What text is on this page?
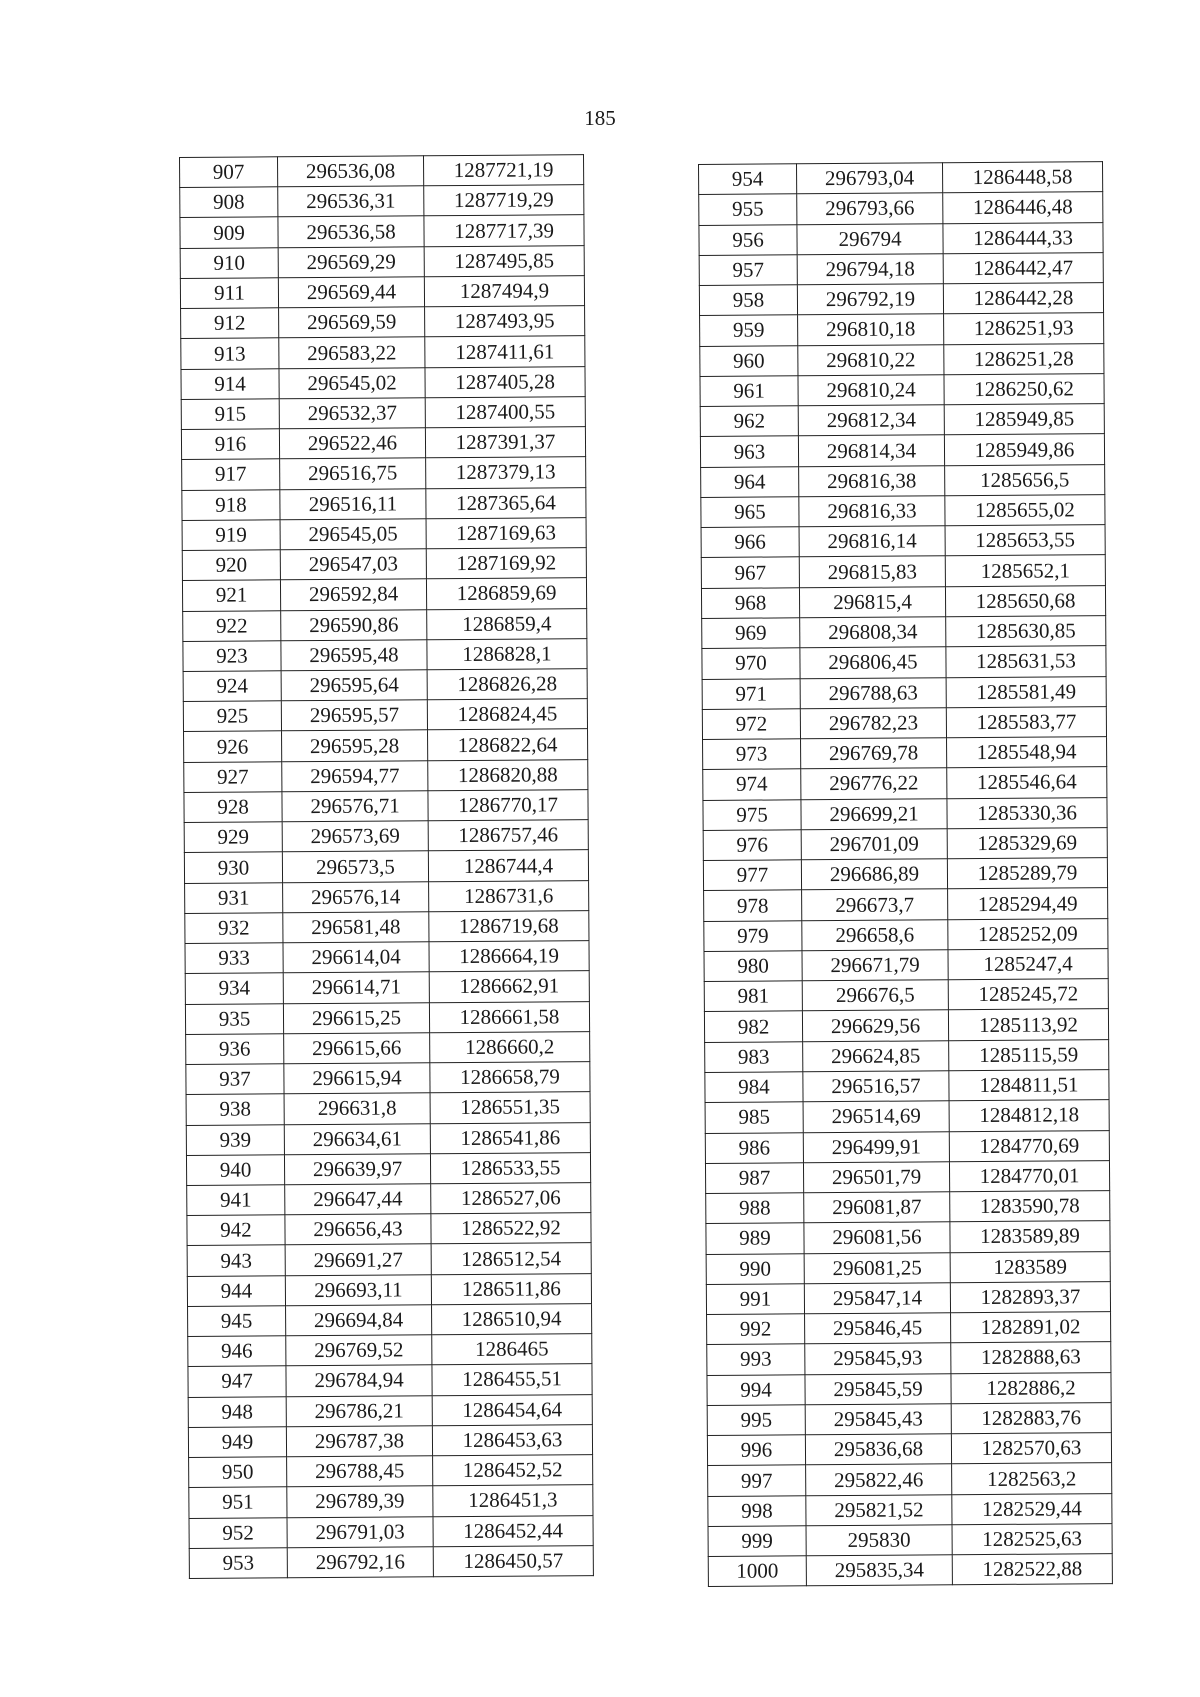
185
907	296536,08	1287721,19
908	296536,31	1287719,29
909	296536,58	1287717,39
910	296569,29	1287495,85
911	296569,44	1287494,9
912	296569,59	1287493,95
913	296583,22	1287411,61
914	296545,02	1287405,28
915	296532,37	1287400,55
916	296522,46	1287391,37
917	296516,75	1287379,13
918	296516,11	1287365,64
919	296545,05	1287169,63
920	296547,03	1287169,92
921	296592,84	1286859,69
922	296590,86	1286859,4
923	296595,48	1286828,1
924	296595,64	1286826,28
925	296595,57	1286824,45
926	296595,28	1286822,64
927	296594,77	1286820,88
928	296576,71	1286770,17
929	296573,69	1286757,46
930	296573,5	1286744,4
931	296576,14	1286731,6
932	296581,48	1286719,68
933	296614,04	1286664,19
934	296614,71	1286662,91
935	296615,25	1286661,58
936	296615,66	1286660,2
937	296615,94	1286658,79
938	296631,8	1286551,35
939	296634,61	1286541,86
940	296639,97	1286533,55
941	296647,44	1286527,06
942	296656,43	1286522,92
943	296691,27	1286512,54
944	296693,11	1286511,86
945	296694,84	1286510,94
946	296769,52	1286465
947	296784,94	1286455,51
948	296786,21	1286454,64
949	296787,38	1286453,63
950	296788,45	1286452,52
951	296789,39	1286451,3
952	296791,03	1286452,44
953	296792,16	1286450,57
954	296793,04	1286448,58
955	296793,66	1286446,48
956	296794	1286444,33
957	296794,18	1286442,47
958	296792,19	1286442,28
959	296810,18	1286251,93
960	296810,22	1286251,28
961	296810,24	1286250,62
962	296812,34	1285949,85
963	296814,34	1285949,86
964	296816,38	1285656,5
965	296816,33	1285655,02
966	296816,14	1285653,55
967	296815,83	1285652,1
968	296815,4	1285650,68
969	296808,34	1285630,85
970	296806,45	1285631,53
971	296788,63	1285581,49
972	296782,23	1285583,77
973	296769,78	1285548,94
974	296776,22	1285546,64
975	296699,21	1285330,36
976	296701,09	1285329,69
977	296686,89	1285289,79
978	296673,7	1285294,49
979	296658,6	1285252,09
980	296671,79	1285247,4
981	296676,5	1285245,72
982	296629,56	1285113,92
983	296624,85	1285115,59
984	296516,57	1284811,51
985	296514,69	1284812,18
986	296499,91	1284770,69
987	296501,79	1284770,01
988	296081,87	1283590,78
989	296081,56	1283589,89
990	296081,25	1283589
991	295847,14	1282893,37
992	295846,45	1282891,02
993	295845,93	1282888,63
994	295845,59	1282886,2
995	295845,43	1282883,76
996	295836,68	1282570,63
997	295822,46	1282563,2
998	295821,52	1282529,44
999	295830	1282525,63
1000	295835,34	1282522,88
